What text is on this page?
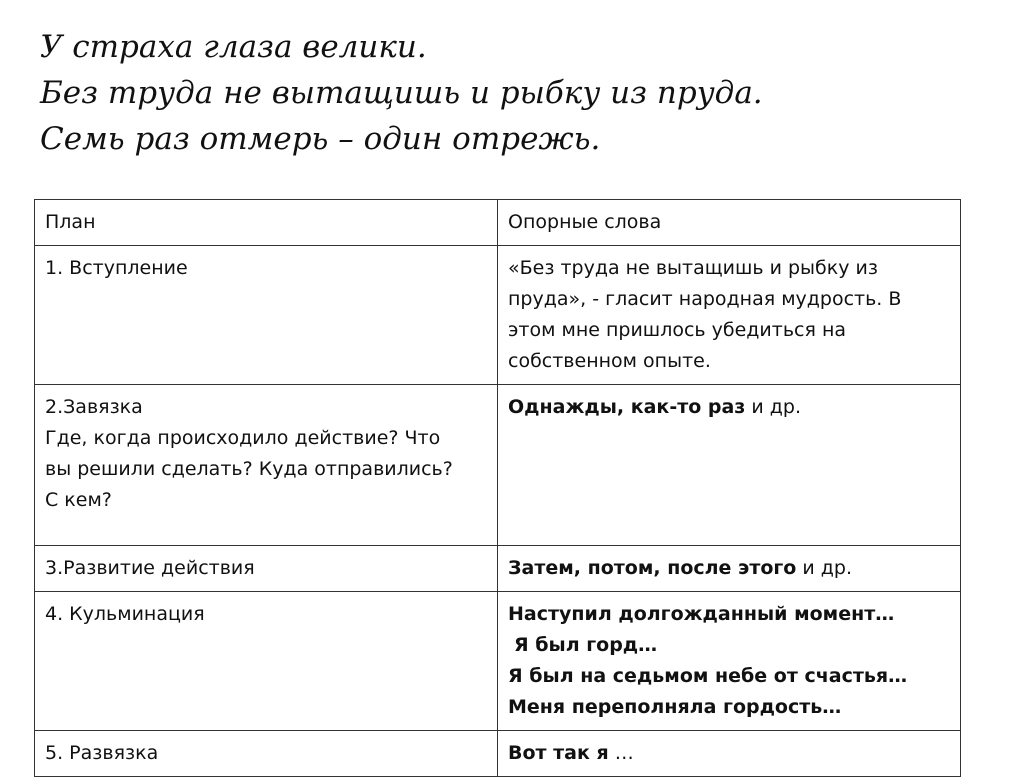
У страха глаза велики.
Без труда не вытащишь и рыбку из пруда.
Семь раз отмерь – один отрежь.
План	Опорные слова

1. Вступление	«Без труда не вытащишь и рыбку из
пруда», - гласит народная мудрость. В
этом мне пришлось убедиться на
собственном опыте.

2.Завязка
Где, когда происходило действие? Что
вы решили сделать? Куда отправились?
С кем?	Однажды, как-то раз и др.

3.Развитие действия	Затем, потом, после этого и др.

4. Кульминация	Наступил долгожданный момент…
Я был горд…
Я был на седьмом небе от счастья…
Меня переполняла гордость…

5. Развязка	Вот так я …
